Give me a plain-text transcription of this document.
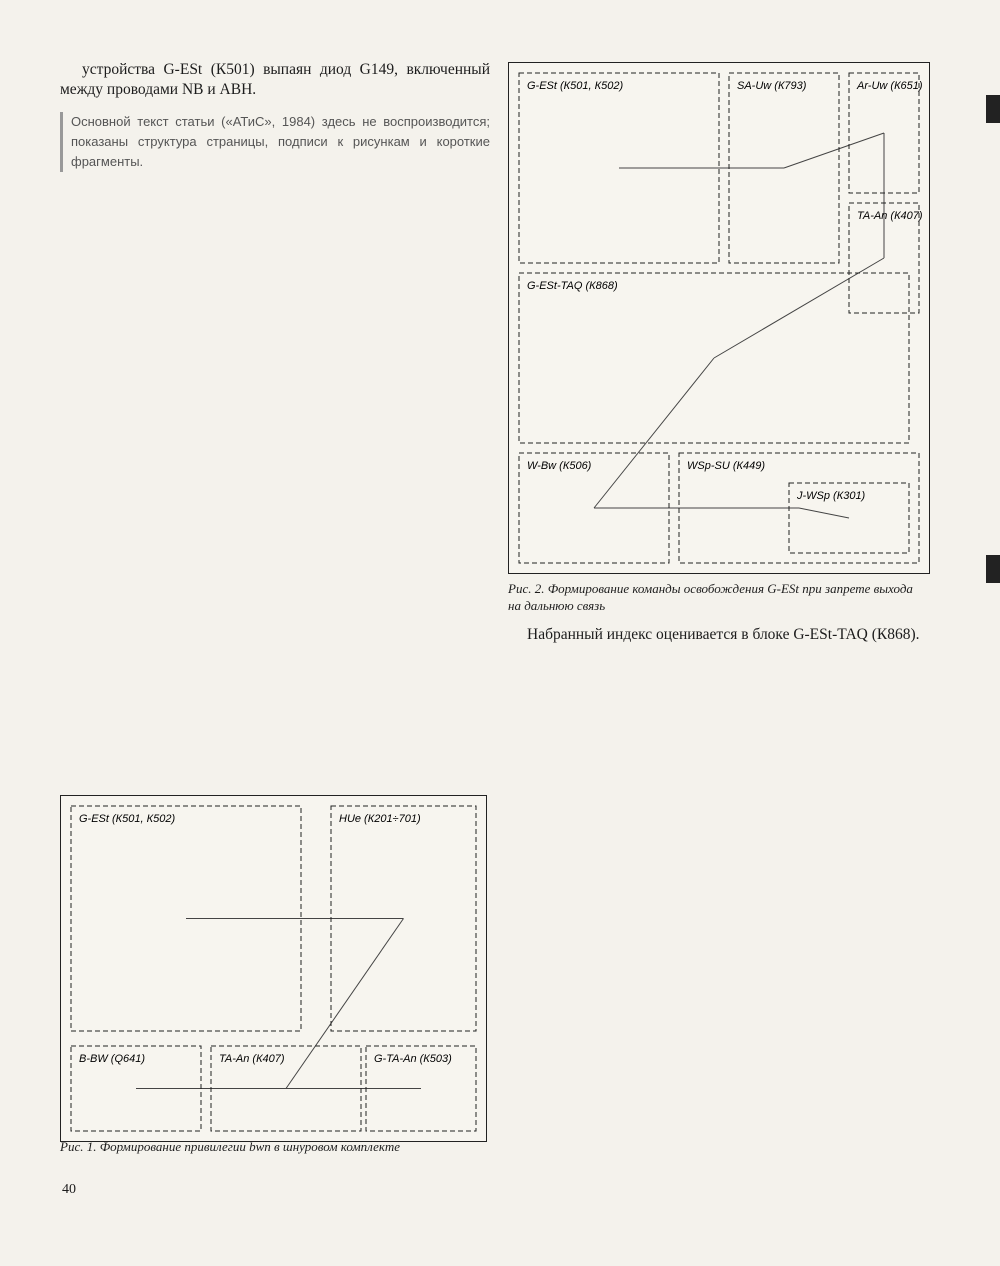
устройства G-ESt (К501) выпаян диод G149, включенный между проводами NB и ABH.

Основной текст статьи («АТиС», 1984) здесь не воспроизводится; показаны структура страницы, подписи к рисункам и короткие фрагменты.

Набранный индекс оценивается в блоке G-ESt-TAQ (К868).

G-ESt (К501, К502)	HUe (К201÷701)
TA-An (К407)	G-TA-An (К503)
B-BW (Q641)
Рис. 1. Формирование привилегии bwn в шнуровом комплекте
G-ESt (К501, К502)	SA-Uw (К793)	Ar-Uw (К651)
TA-An (К407)
G-ESt-TAQ (К868)
W-Bw (К506)	WSp-SU (К449)
J-WSp (К301)
Рис. 2. Формирование команды освобождения G-ESt при запрете выхода на дальнюю связь
40
